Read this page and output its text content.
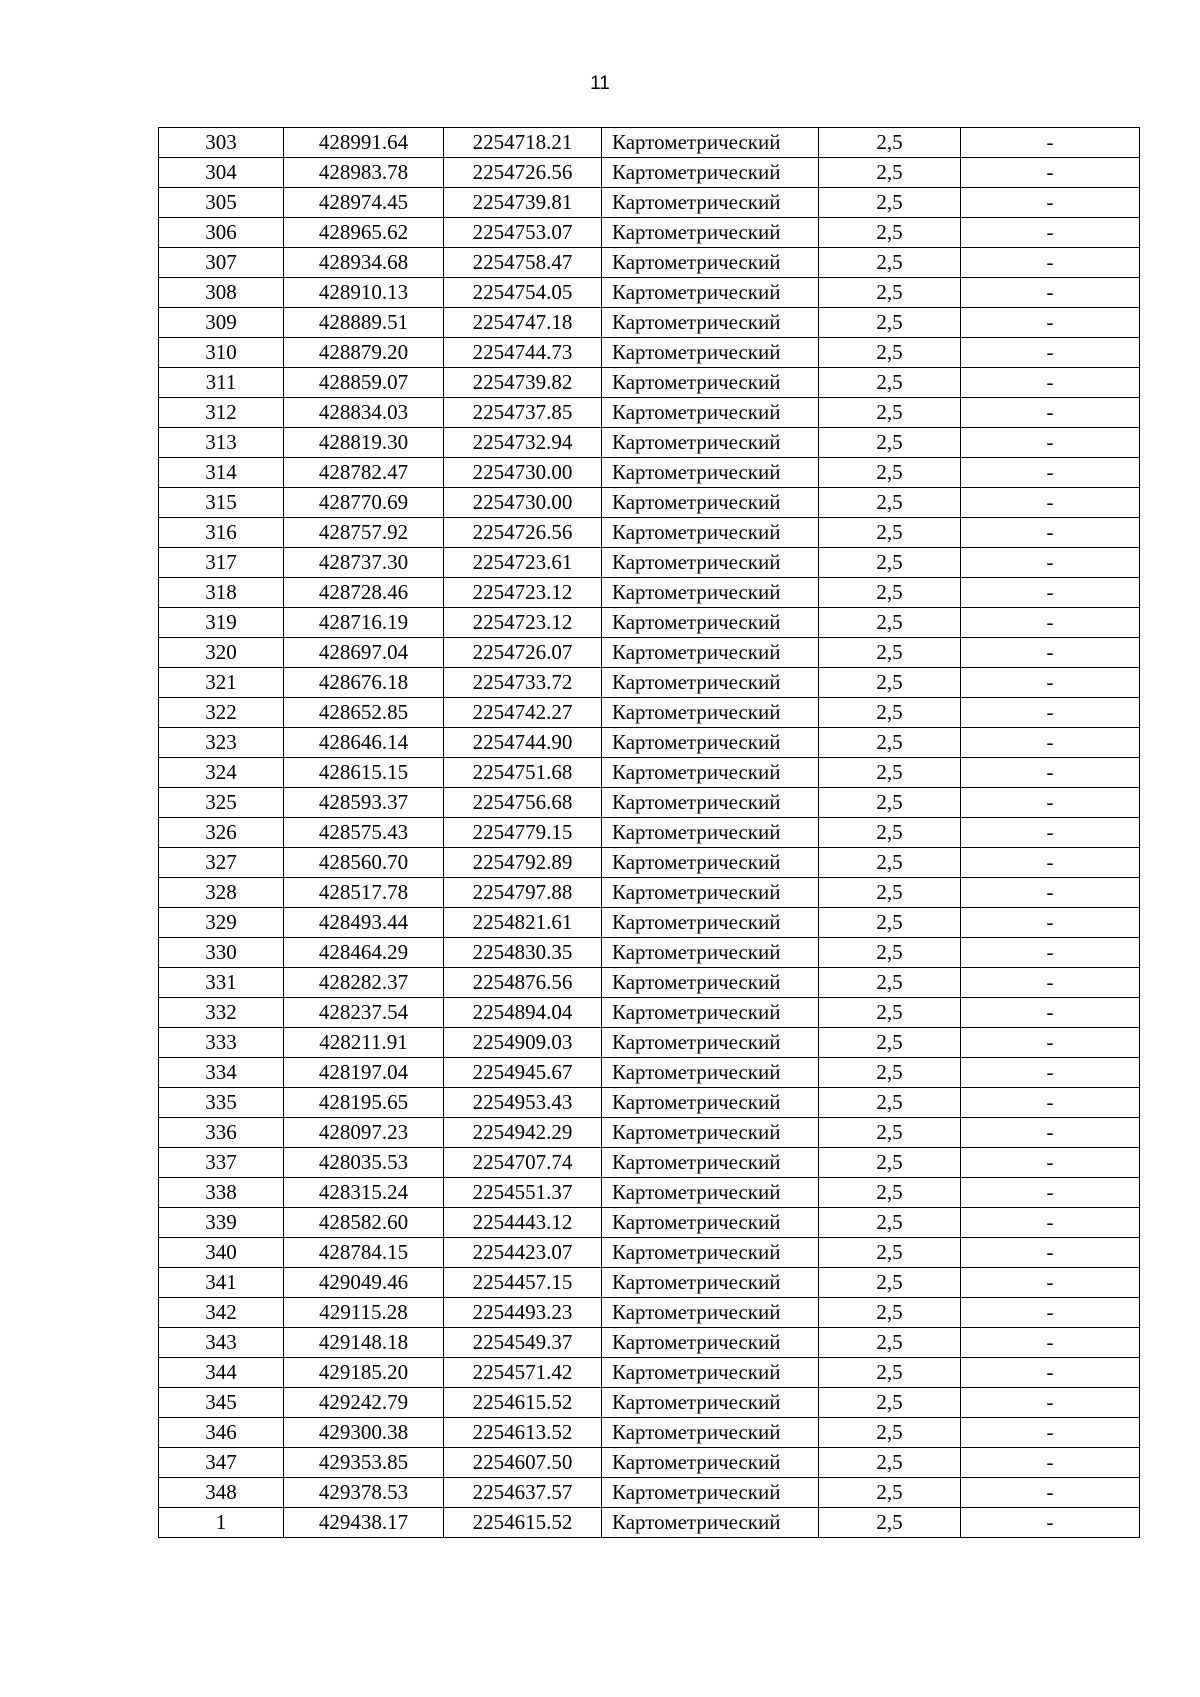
11
303	428991.64	2254718.21	Картометрический	2,5	-
304	428983.78	2254726.56	Картометрический	2,5	-
305	428974.45	2254739.81	Картометрический	2,5	-
306	428965.62	2254753.07	Картометрический	2,5	-
307	428934.68	2254758.47	Картометрический	2,5	-
308	428910.13	2254754.05	Картометрический	2,5	-
309	428889.51	2254747.18	Картометрический	2,5	-
310	428879.20	2254744.73	Картометрический	2,5	-
311	428859.07	2254739.82	Картометрический	2,5	-
312	428834.03	2254737.85	Картометрический	2,5	-
313	428819.30	2254732.94	Картометрический	2,5	-
314	428782.47	2254730.00	Картометрический	2,5	-
315	428770.69	2254730.00	Картометрический	2,5	-
316	428757.92	2254726.56	Картометрический	2,5	-
317	428737.30	2254723.61	Картометрический	2,5	-
318	428728.46	2254723.12	Картометрический	2,5	-
319	428716.19	2254723.12	Картометрический	2,5	-
320	428697.04	2254726.07	Картометрический	2,5	-
321	428676.18	2254733.72	Картометрический	2,5	-
322	428652.85	2254742.27	Картометрический	2,5	-
323	428646.14	2254744.90	Картометрический	2,5	-
324	428615.15	2254751.68	Картометрический	2,5	-
325	428593.37	2254756.68	Картометрический	2,5	-
326	428575.43	2254779.15	Картометрический	2,5	-
327	428560.70	2254792.89	Картометрический	2,5	-
328	428517.78	2254797.88	Картометрический	2,5	-
329	428493.44	2254821.61	Картометрический	2,5	-
330	428464.29	2254830.35	Картометрический	2,5	-
331	428282.37	2254876.56	Картометрический	2,5	-
332	428237.54	2254894.04	Картометрический	2,5	-
333	428211.91	2254909.03	Картометрический	2,5	-
334	428197.04	2254945.67	Картометрический	2,5	-
335	428195.65	2254953.43	Картометрический	2,5	-
336	428097.23	2254942.29	Картометрический	2,5	-
337	428035.53	2254707.74	Картометрический	2,5	-
338	428315.24	2254551.37	Картометрический	2,5	-
339	428582.60	2254443.12	Картометрический	2,5	-
340	428784.15	2254423.07	Картометрический	2,5	-
341	429049.46	2254457.15	Картометрический	2,5	-
342	429115.28	2254493.23	Картометрический	2,5	-
343	429148.18	2254549.37	Картометрический	2,5	-
344	429185.20	2254571.42	Картометрический	2,5	-
345	429242.79	2254615.52	Картометрический	2,5	-
346	429300.38	2254613.52	Картометрический	2,5	-
347	429353.85	2254607.50	Картометрический	2,5	-
348	429378.53	2254637.57	Картометрический	2,5	-
1	429438.17	2254615.52	Картометрический	2,5	-
